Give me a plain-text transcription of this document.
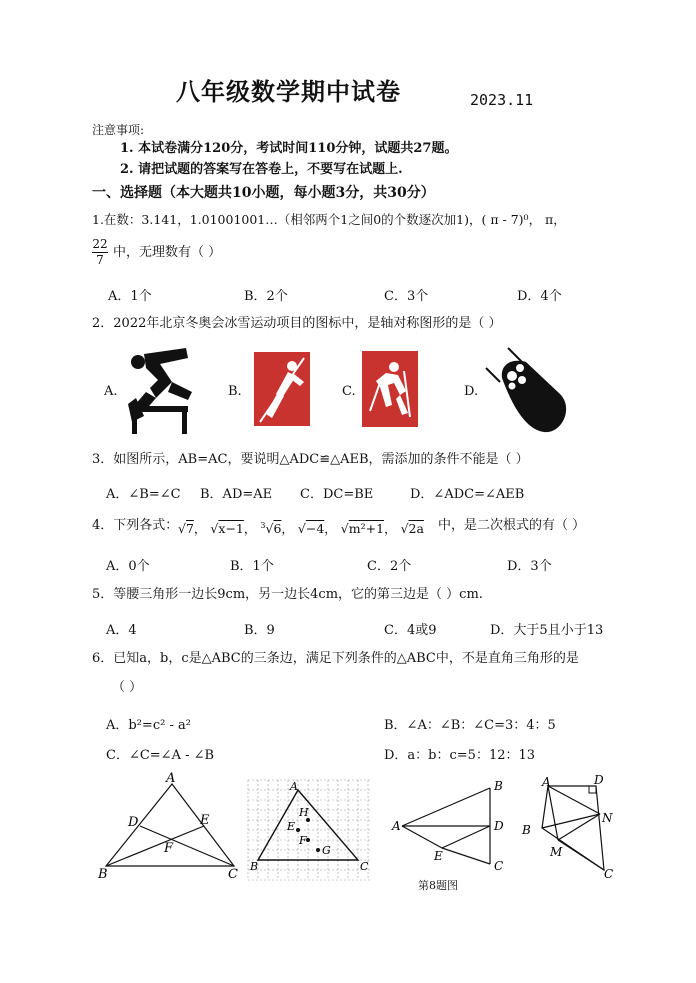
八年级数学期中试卷	2023.11
注意事项:
1. 本试卷满分120分，考试时间110分钟，试题共27题。
2. 请把试题的答案写在答卷上，不要写在试题上.
一、选择题（本大题共10小题，每小题3分，共30分）
1.在数：3.141，1.01001001…（相邻两个1之间0的个数逐次加1)，( π - 7)⁰， π，
22
7 中，无理数有（ ）
A．1个	B．2个	C．3个	D．4个
2．2022年北京冬奥会冰雪运动项目的图标中，是轴对称图形的是（ ）
A.	B.	C.	D.
3．如图所示，AB=AC，要说明△ADC≌△AEB，需添加的条件不能是（ ）
A．∠B=∠C B．AD=AE C．DC=BE	D．∠ADC=∠AEB
4．下列各式： √7， √x−1， $^3$√6， √−4， √m²+1， √2a 中，是二次根式的有（ ）
A．0个	B．1个	C．2个	D．3个
5．等腰三角形一边长9cm，另一边长4cm，它的第三边是（ ）cm.
A．4	B．9	C．4或9	D．大于5且小于13
6．已知a，b，c是△ABC的三条边，满足下列条件的△ABC中，不是直角三角形的是
（ ）
A．b²=c² - a²	B．∠A：∠B：∠C=3：4：5
C．∠C=∠A - ∠B	D．a：b：c=5：12：13
A
B	C
D	E
F
A
B	C
H
E
F
G
A
B
C
D
E
第8题图
A
B
C
D
M
N
